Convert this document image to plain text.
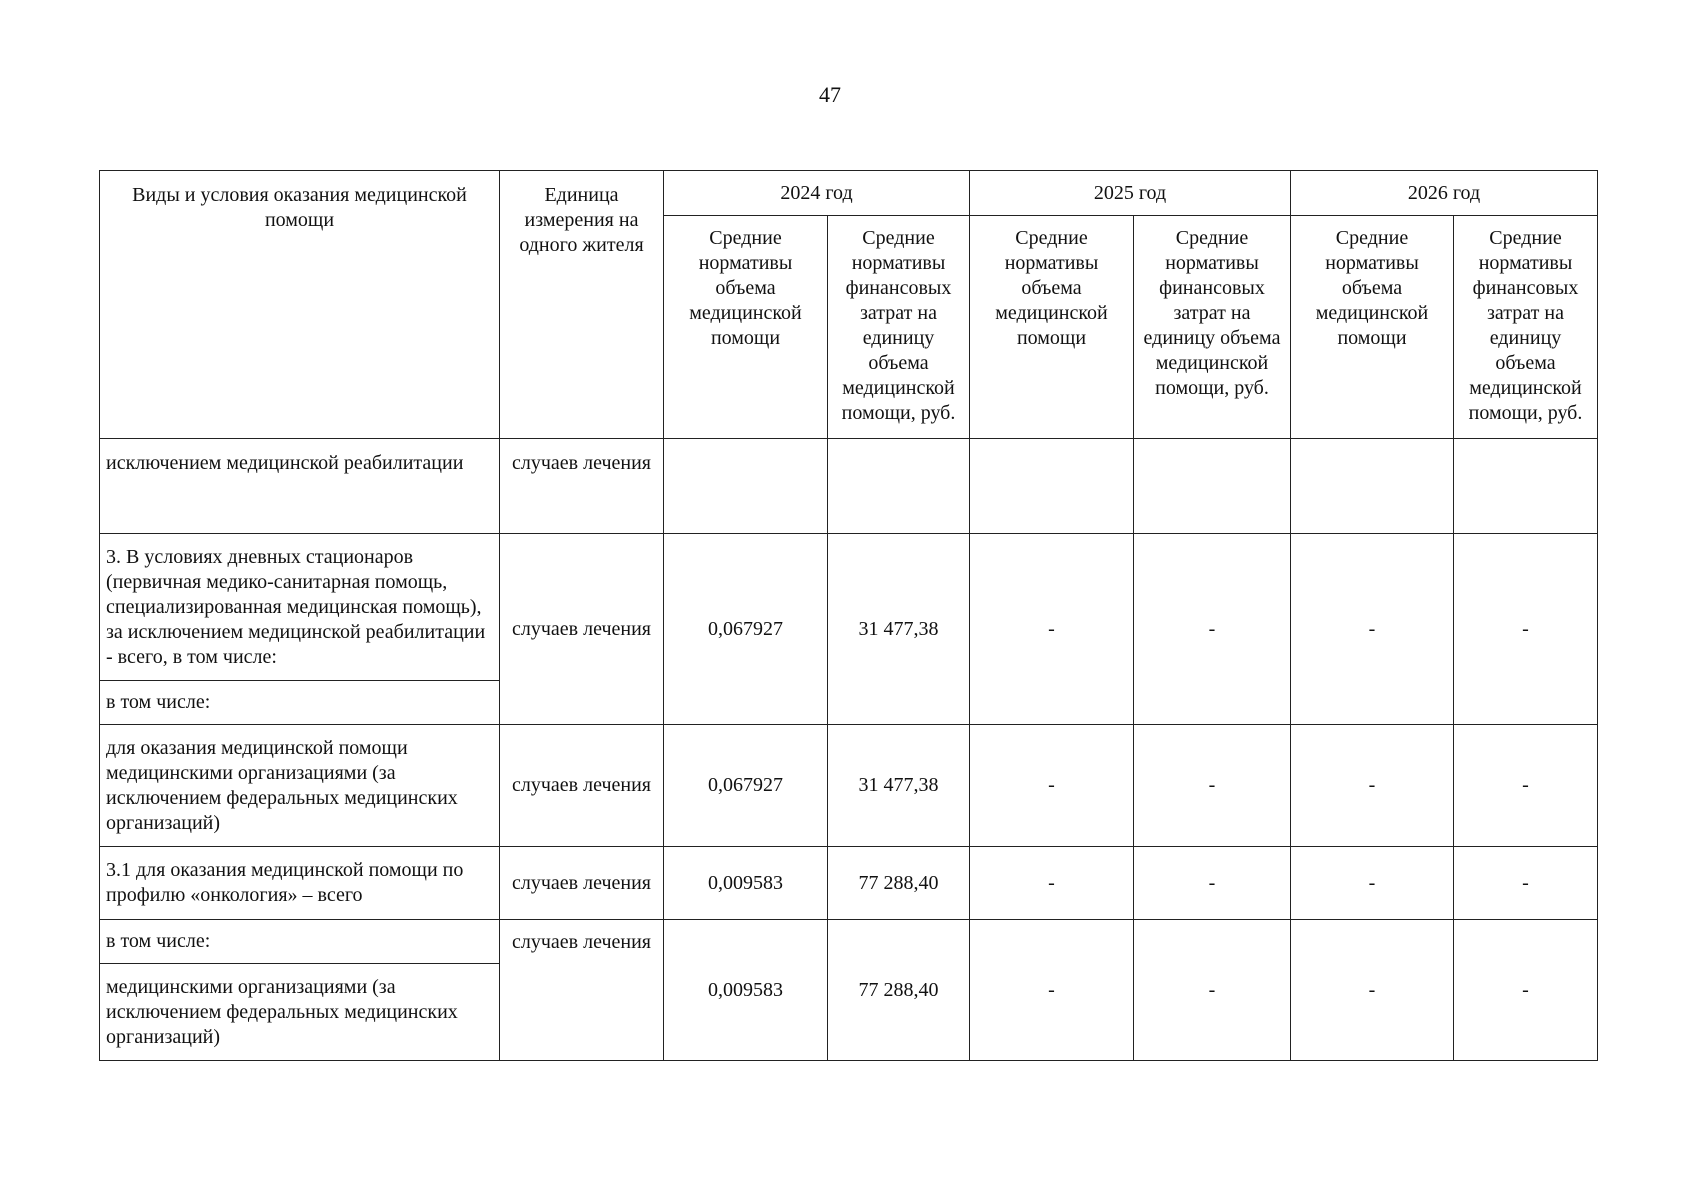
47
Виды и условия оказания медицинской помощи	Единица измерения на одного жителя	2024 год		2025 год		2026 год	
		Средние нормативы объема медицинской помощи	Средние нормативы финансовых затрат на единицу объема медицинской помощи, руб.	Средние нормативы объема медицинской помощи	Средние нормативы финансовых затрат на единицу объема медицинской помощи, руб.	Средние нормативы объема медицинской помощи	Средние нормативы финансовых затрат на единицу объема медицинской помощи, руб.
исключением медицинской реабилитации	случаев лечения						
3. В условиях дневных стационаров (первичная медико-санитарная помощь, специализированная медицинская помощь), за исключением медицинской реабилитации - всего, в том числе:	случаев лечения	0,067927	31 477,38	-	-	-	-
в том числе:							
для оказания медицинской помощи медицинскими организациями (за исключением федеральных медицинских организаций)	случаев лечения	0,067927	31 477,38	-	-	-	-
3.1 для оказания медицинской помощи по профилю «онкология» – всего	случаев лечения	0,009583	77 288,40	-	-	-	-
в том числе:	случаев лечения	0,009583	77 288,40	-	-	-	-
медицинскими организациями (за исключением федеральных медицинских организаций)							
